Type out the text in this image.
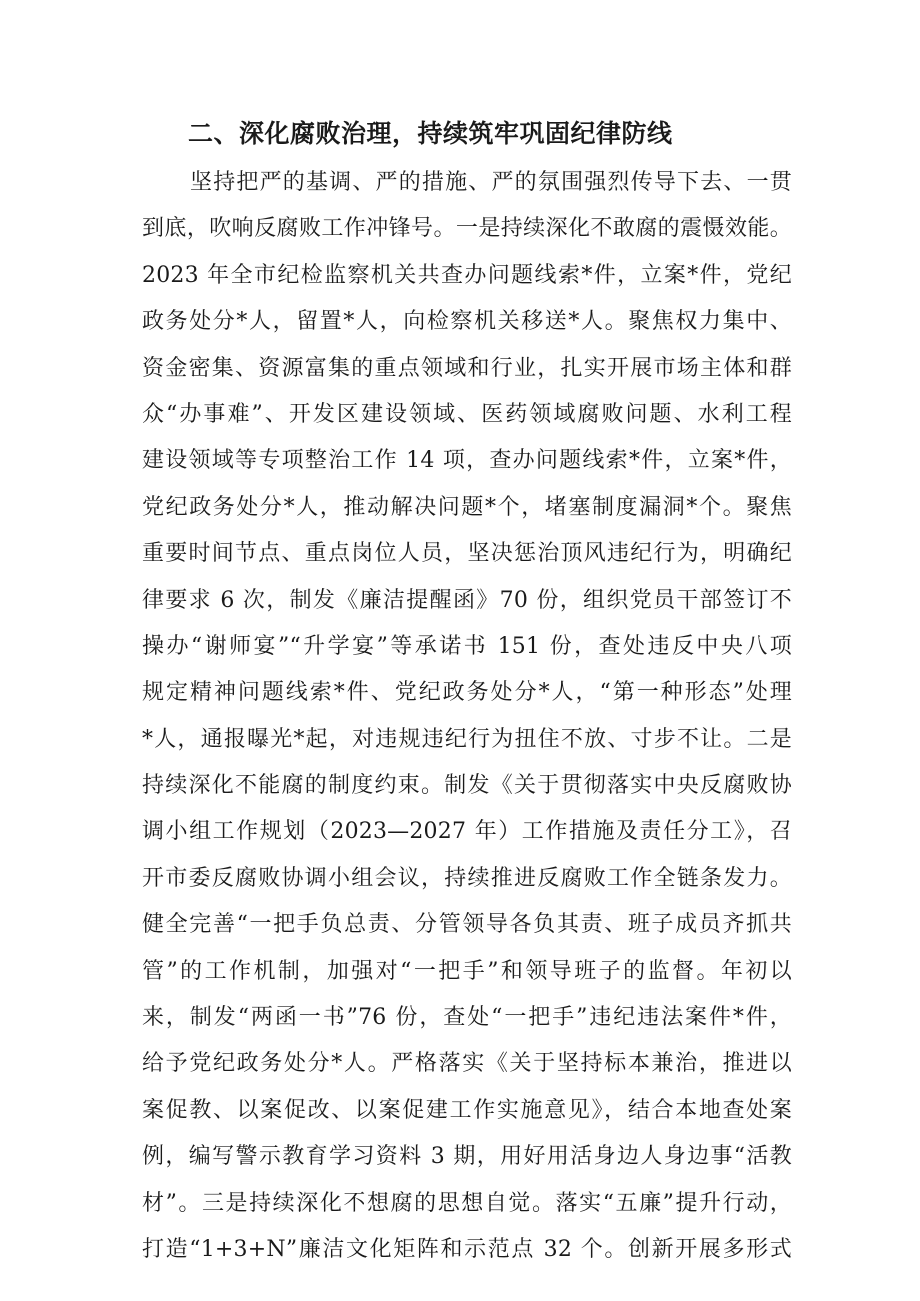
二、深化腐败治理，持续筑牢巩固纪律防线
坚持把严的基调、严的措施、严的氛围强烈传导下去、一贯
到底，吹响反腐败工作冲锋号。一是持续深化不敢腐的震慑效能。
2023 年全市纪检监察机关共查办问题线索*件，立案*件，党纪
政务处分*人，留置*人，向检察机关移送*人。聚焦权力集中、
资金密集、资源富集的重点领域和行业，扎实开展市场主体和群
众“办事难”、开发区建设领域、医药领域腐败问题、水利工程
建设领域等专项整治工作 14 项，查办问题线索*件，立案*件，
党纪政务处分*人，推动解决问题*个，堵塞制度漏洞*个。聚焦
重要时间节点、重点岗位人员，坚决惩治顶风违纪行为，明确纪
律要求 6 次，制发《廉洁提醒函》70 份，组织党员干部签订不
操办“谢师宴”“升学宴”等承诺书 151 份，查处违反中央八项
规定精神问题线索*件、党纪政务处分*人，“第一种形态”处理
*人，通报曝光*起，对违规违纪行为扭住不放、寸步不让。二是
持续深化不能腐的制度约束。制发《关于贯彻落实中央反腐败协
调小组工作规划（2023—2027 年）工作措施及责任分工》，召
开市委反腐败协调小组会议，持续推进反腐败工作全链条发力。
健全完善“一把手负总责、分管领导各负其责、班子成员齐抓共
管”的工作机制，加强对“一把手”和领导班子的监督。年初以
来，制发“两函一书”76 份，查处“一把手”违纪违法案件*件，
给予党纪政务处分*人。严格落实《关于坚持标本兼治，推进以
案促教、以案促改、以案促建工作实施意见》，结合本地查处案
例，编写警示教育学习资料 3 期，用好用活身边人身边事“活教
材”。三是持续深化不想腐的思想自觉。落实“五廉”提升行动，
打造“1+3+N”廉洁文化矩阵和示范点 32 个。创新开展多形式
